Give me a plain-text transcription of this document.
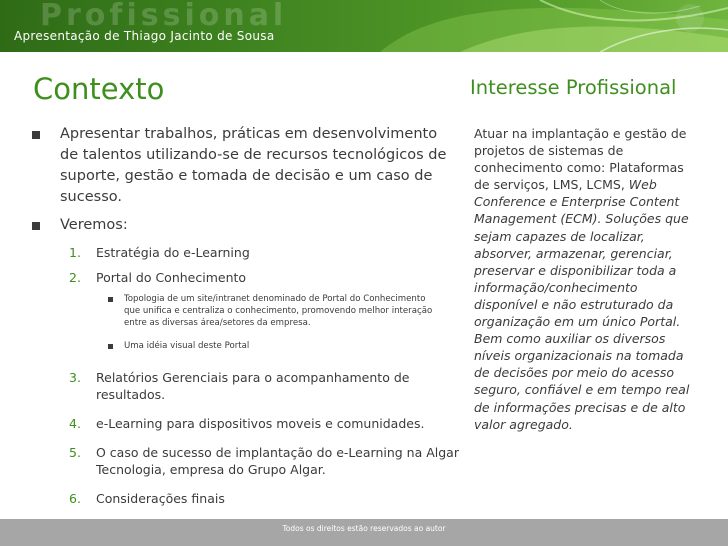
Profissional
Apresentação de Thiago Jacinto de Sousa
Contexto	Interesse Profissional
Apresentar trabalhos, práticas em desenvolvimento de talentos utilizando-se de recursos tecnológicos de suporte, gestão e tomada de decisão e um caso de sucesso.
Veremos:
1.	Estratégia do e-Learning
2.	Portal do Conhecimento
Topologia de um site/intranet denominado de Portal do Conhecimento que unifica e centraliza o conhecimento, promovendo melhor interação entre as diversas área/setores da empresa.
Uma idéia visual deste Portal
3.	Relatórios Gerenciais para o acompanhamento de resultados.
4.	e-Learning para dispositivos moveis e comunidades.
5.	O caso de sucesso de implantação do e-Learning na Algar Tecnologia, empresa do Grupo Algar.
6.	Considerações finais
Atuar na implantação e gestão de projetos de sistemas de conhecimento como: Plataformas de serviços, LMS, LCMS, Web Conference e Enterprise Content Management (ECM). Soluções que sejam capazes de localizar, absorver, armazenar, gerenciar, preservar e disponibilizar toda a informação/conhecimento disponível e não estruturado da organização em um único Portal. Bem como auxiliar os diversos níveis organizacionais na tomada de decisões por meio do acesso seguro, confiável e em tempo real de informações precisas e de alto valor agregado.
Todos os direitos estão reservados ao autor
